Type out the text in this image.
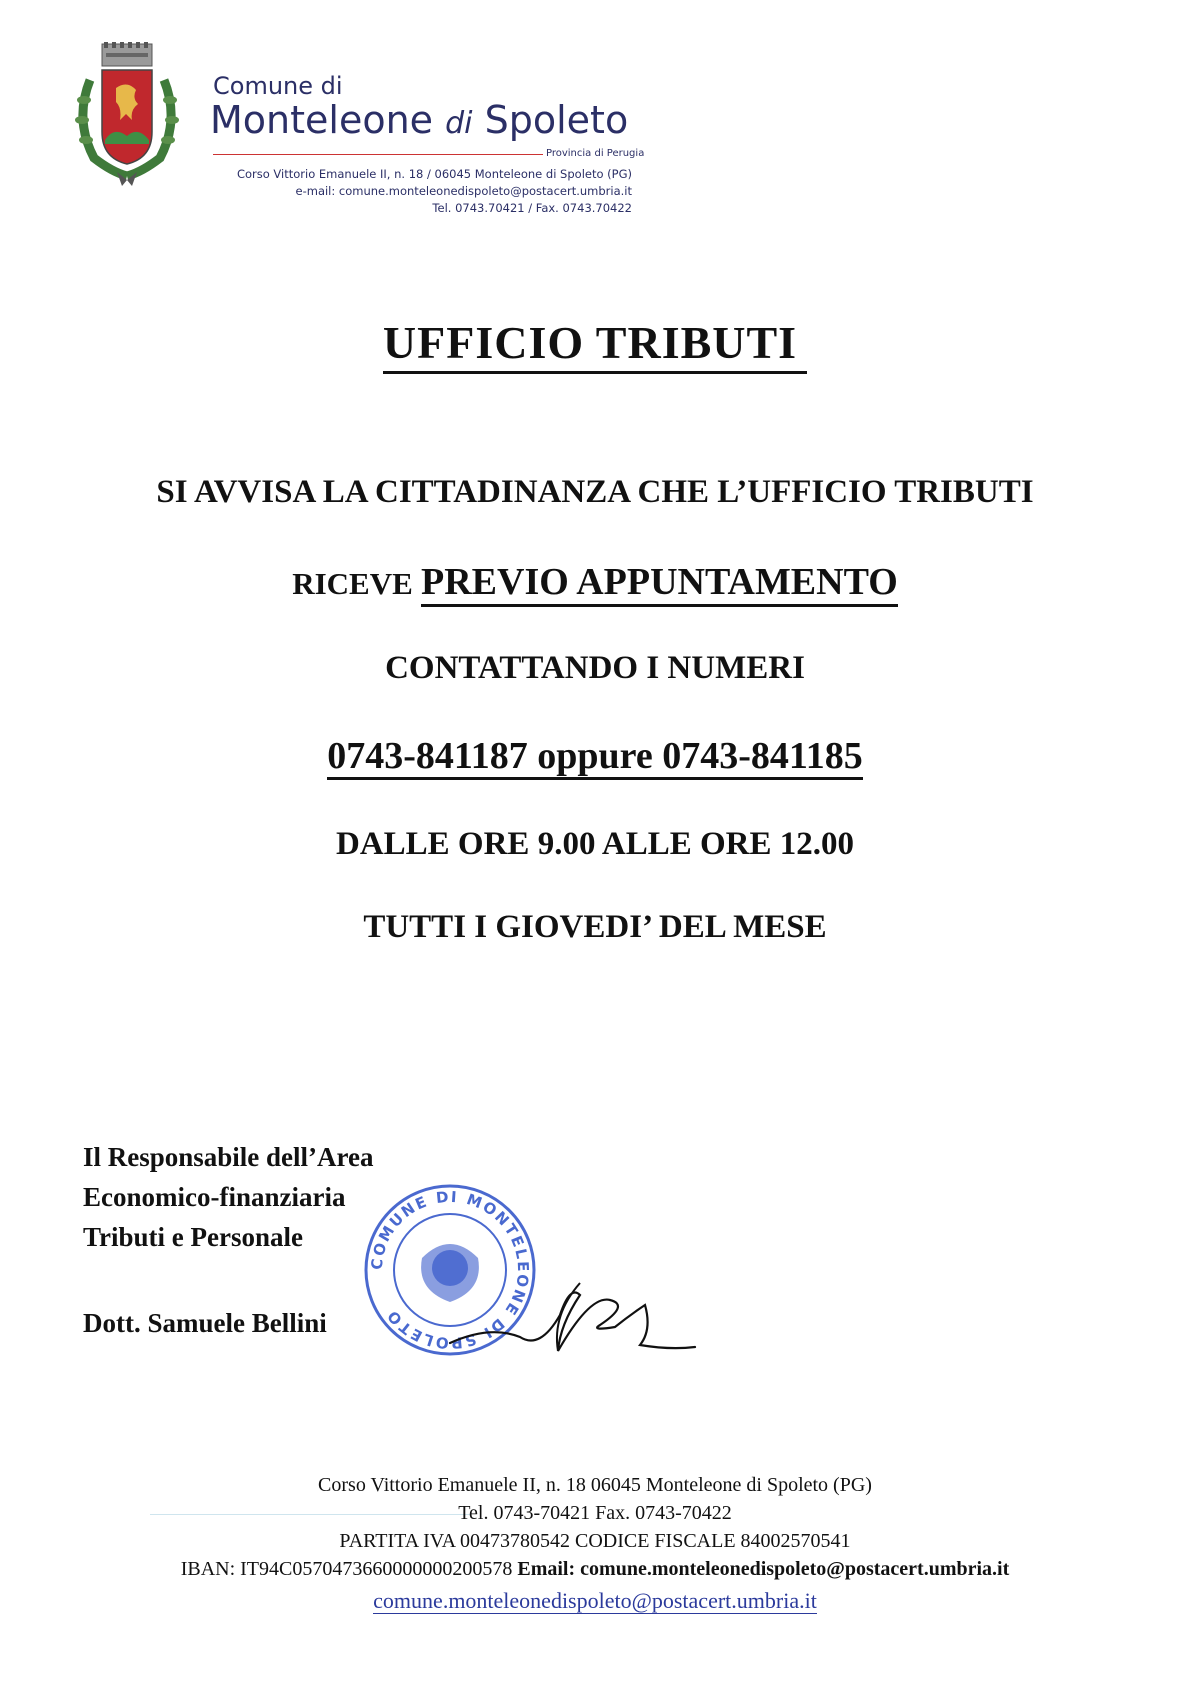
Comune di
Monteleone di Spoleto
Provincia di Perugia
Corso Vittorio Emanuele II, n. 18 / 06045 Monteleone di Spoleto (PG)
e-mail: comune.monteleonedispoleto@postacert.umbria.it
Tel. 0743.70421 / Fax. 0743.70422
UFFICIO TRIBUTI
SI AVVISA LA CITTADINANZA CHE L’UFFICIO TRIBUTI
RICEVE PREVIO APPUNTAMENTO
CONTATTANDO I NUMERI
0743-841187 oppure 0743-841185
DALLE ORE 9.00 ALLE ORE 12.00
TUTTI I GIOVEDI’ DEL MESE
Il Responsabile dell’Area
Economico-finanziaria
Tributi e Personale
Dott. Samuele Bellini
COMUNE DI MONTELEONE DI SPOLETO
Corso Vittorio Emanuele II, n. 18 06045 Monteleone di Spoleto (PG)
Tel. 0743-70421 Fax. 0743-70422
PARTITA IVA 00473780542 CODICE FISCALE 84002570541
IBAN: IT94C0570473660000000200578 Email: comune.monteleonedispoleto@postacert.umbria.it
comune.monteleonedispoleto@postacert.umbria.it
